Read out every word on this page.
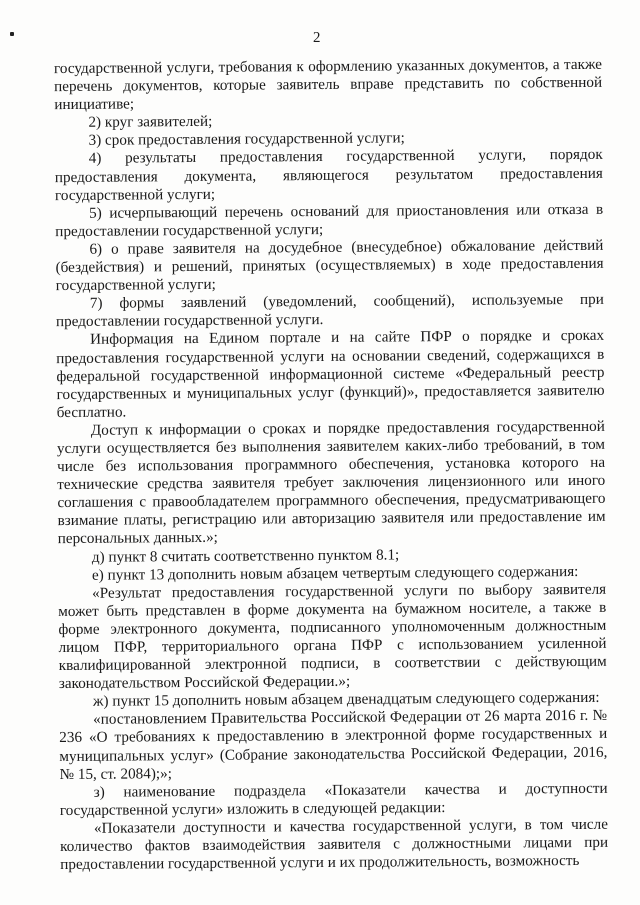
2

государственной услуги, требования к оформлению указанных документов, а также перечень документов, которые заявитель вправе представить по собственной инициативе;

2) круг заявителей;

3) срок предоставления государственной услуги;

4) результаты предоставления государственной услуги, порядок предоставления документа, являющегося результатом предоставления государственной услуги;

5) исчерпывающий перечень оснований для приостановления или отказа в предоставлении государственной услуги;

6) о праве заявителя на досудебное (внесудебное) обжалование действий (бездействия) и решений, принятых (осуществляемых) в ходе предоставления государственной услуги;

7) формы заявлений (уведомлений, сообщений), используемые при предоставлении государственной услуги.

Информация на Едином портале и на сайте ПФР о порядке и сроках предоставления государственной услуги на основании сведений, содержащихся в федеральной государственной информационной системе «Федеральный реестр государственных и муниципальных услуг (функций)», предоставляется заявителю бесплатно.

Доступ к информации о сроках и порядке предоставления государственной услуги осуществляется без выполнения заявителем каких-либо требований, в том числе без использования программного обеспечения, установка которого на технические средства заявителя требует заключения лицензионного или иного соглашения с правообладателем программного обеспечения, предусматривающего взимание платы, регистрацию или авторизацию заявителя или предоставление им персональных данных.»;

д) пункт 8 считать соответственно пунктом 8.1;

е) пункт 13 дополнить новым абзацем четвертым следующего содержания:

«Результат предоставления государственной услуги по выбору заявителя может быть представлен в форме документа на бумажном носителе, а также в форме электронного документа, подписанного уполномоченным должностным лицом ПФР, территориального органа ПФР с использованием усиленной квалифицированной электронной подписи, в соответствии с действующим законодательством Российской Федерации.»;

ж) пункт 15 дополнить новым абзацем двенадцатым следующего содержания:

«постановлением Правительства Российской Федерации от 26 марта 2016 г. № 236 «О требованиях к предоставлению в электронной форме государственных и муниципальных услуг» (Собрание законодательства Российской Федерации, 2016, № 15, ст. 2084);»;

з) наименование подраздела «Показатели качества и доступности государственной услуги» изложить в следующей редакции:

«Показатели доступности и качества государственной услуги, в том числе количество фактов взаимодействия заявителя с должностными лицами при предоставлении государственной услуги и их продолжительность, возможность
